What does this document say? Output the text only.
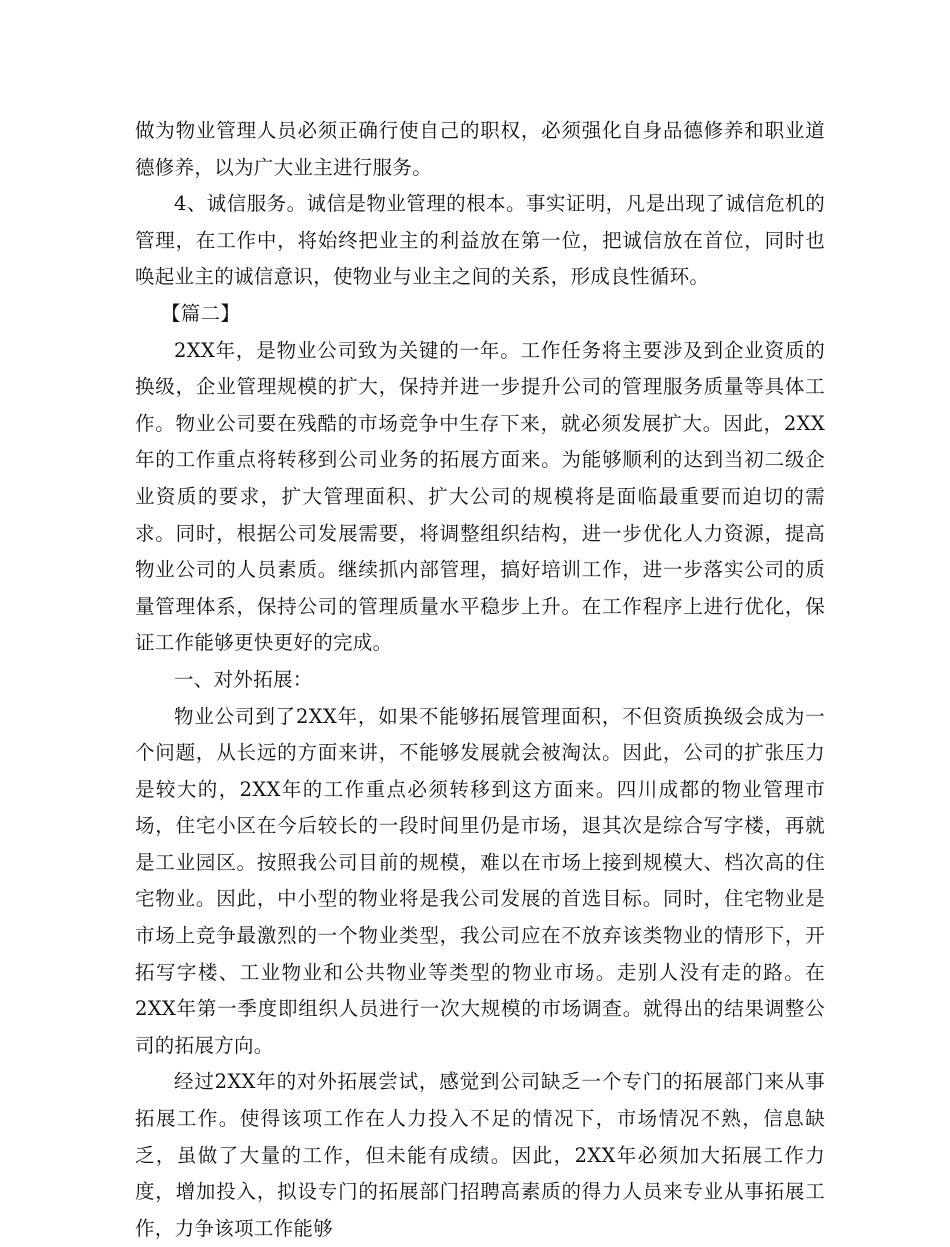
做为物业管理人员必须正确行使自己的职权，必须强化自身品德修养和职业道德修养，以为广大业主进行服务。

4、诚信服务。诚信是物业管理的根本。事实证明，凡是出现了诚信危机的管理，在工作中，将始终把业主的利益放在第一位，把诚信放在首位，同时也唤起业主的诚信意识，使物业与业主之间的关系，形成良性循环。

【篇二】

2XX年，是物业公司致为关键的一年。工作任务将主要涉及到企业资质的换级，企业管理规模的扩大，保持并进一步提升公司的管理服务质量等具体工作。物业公司要在残酷的市场竞争中生存下来，就必须发展扩大。因此，2XX年的工作重点将转移到公司业务的拓展方面来。为能够顺利的达到当初二级企业资质的要求，扩大管理面积、扩大公司的规模将是面临最重要而迫切的需求。同时，根据公司发展需要，将调整组织结构，进一步优化人力资源，提高物业公司的人员素质。继续抓内部管理，搞好培训工作，进一步落实公司的质量管理体系，保持公司的管理质量水平稳步上升。在工作程序上进行优化，保证工作能够更快更好的完成。

一、对外拓展：

物业公司到了2XX年，如果不能够拓展管理面积，不但资质换级会成为一个问题，从长远的方面来讲，不能够发展就会被淘汰。因此，公司的扩张压力是较大的，2XX年的工作重点必须转移到这方面来。四川成都的物业管理市场，住宅小区在今后较长的一段时间里仍是市场，退其次是综合写字楼，再就是工业园区。按照我公司目前的规模，难以在市场上接到规模大、档次高的住宅物业。因此，中小型的物业将是我公司发展的首选目标。同时，住宅物业是市场上竞争最激烈的一个物业类型，我公司应在不放弃该类物业的情形下，开拓写字楼、工业物业和公共物业等类型的物业市场。走别人没有走的路。在2XX年第一季度即组织人员进行一次大规模的市场调查。就得出的结果调整公司的拓展方向。

经过2XX年的对外拓展尝试，感觉到公司缺乏一个专门的拓展部门来从事拓展工作。使得该项工作在人力投入不足的情况下，市场情况不熟，信息缺乏，虽做了大量的工作，但未能有成绩。因此，2XX年必须加大拓展工作力度，增加投入，拟设专门的拓展部门招聘高素质的得力人员来专业从事拓展工作，力争该项工作能够
